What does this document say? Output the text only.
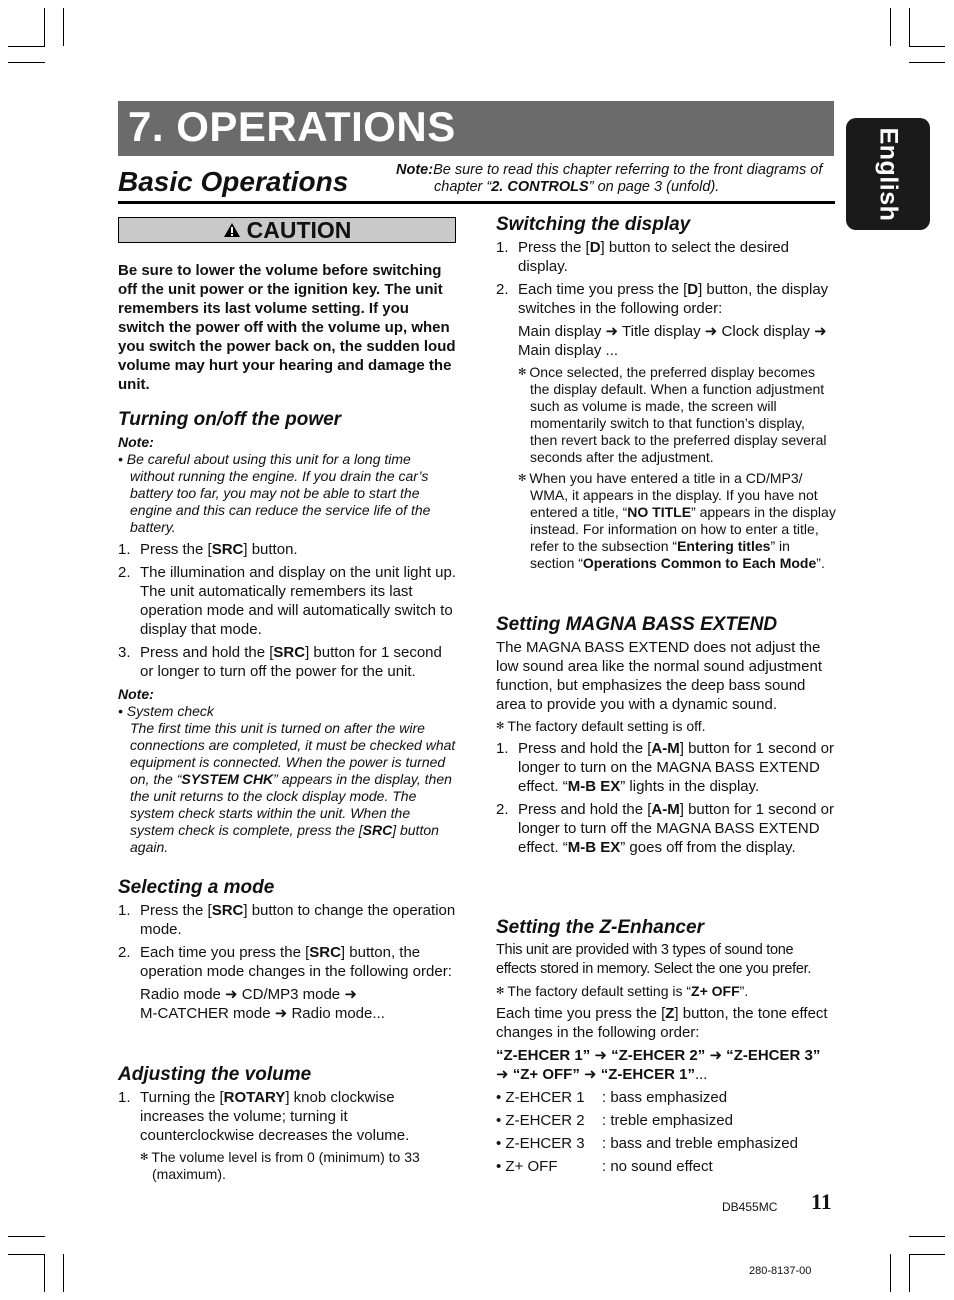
7. OPERATIONS
Basic Operations	Note:Be sure to read this chapter referring to the front diagrams of
chapter “2. CONTROLS” on page 3 (unfold).	English
CAUTION
Be sure to lower the volume before switching off the unit power or the ignition key. The unit remembers its last volume setting. If you switch the power off with the volume up, when you switch the power back on, the sudden loud volume may hurt your hearing and damage the unit.
Turning on/off the power

Note:

• Be careful about using this unit for a long time without running the engine. If you drain the car’s battery too far, you may not be able to start the engine and this can reduce the service life of the battery.

1. Press the [SRC] button.
2. The illumination and display on the unit light up. The unit automatically remembers its last operation mode and will automatically switch to display that mode.
3. Press and hold the [SRC] button for 1 second or longer to turn off the power for the unit.

Note:

• System check

The first time this unit is turned on after the wire connections are completed, it must be checked what equipment is connected. When the power is turned on, the “SYSTEM CHK” appears in the display, then the unit returns to the clock display mode. The system check starts within the unit. When the system check is complete, press the [SRC] button again.

Selecting a mode
1. Press the [SRC] button to change the operation mode.
2. Each time you press the [SRC] button, the operation mode changes in the following order:

Radio mode ➜ CD/MP3 mode ➜

M-CATCHER mode ➜ Radio mode...

Adjusting the volume
1. Turning the [ROTARY] knob clockwise increases the volume; turning it counterclockwise decreases the volume.

✻ The volume level is from 0 (minimum) to 33 (maximum).

Switching the display
1. Press the [D] button to select the desired display.
2. Each time you press the [D] button, the display switches in the following order:

Main display ➜ Title display ➜ Clock display ➜ Main display ...

✻ Once selected, the preferred display becomes the display default. When a function adjustment such as volume is made, the screen will momentarily switch to that function’s display, then revert back to the preferred display several seconds after the adjustment.

✻ When you have entered a title in a CD/MP3/ WMA, it appears in the display. If you have not entered a title, “NO TITLE” appears in the display instead. For information on how to enter a title, refer to the subsection “Entering titles” in section “Operations Common to Each Mode”.

Setting MAGNA BASS EXTEND

The MAGNA BASS EXTEND does not adjust the low sound area like the normal sound adjustment function, but emphasizes the deep bass sound area to provide you with a dynamic sound.

✻ The factory default setting is off.

1. Press and hold the [A-M] button for 1 second or longer to turn on the MAGNA BASS EXTEND effect. “M-B EX” lights in the display.
2. Press and hold the [A-M] button for 1 second or longer to turn off the MAGNA BASS EXTEND effect. “M-B EX” goes off from the display.
Setting the Z-Enhancer

This unit are provided with 3 types of sound tone effects stored in memory. Select the one you prefer.

✻ The factory default setting is “Z+ OFF”.

Each time you press the [Z] button, the tone effect changes in the following order:

“Z-EHCER 1” ➜ “Z-EHCER 2” ➜ “Z-EHCER 3” ➜ “Z+ OFF” ➜ “Z-EHCER 1”...

• Z-EHCER 1	: bass emphasized
• Z-EHCER 2	: treble emphasized
• Z-EHCER 3	: bass and treble emphasized
• Z+ OFF	: no sound effect
DB455MC 11
280-8137-00
